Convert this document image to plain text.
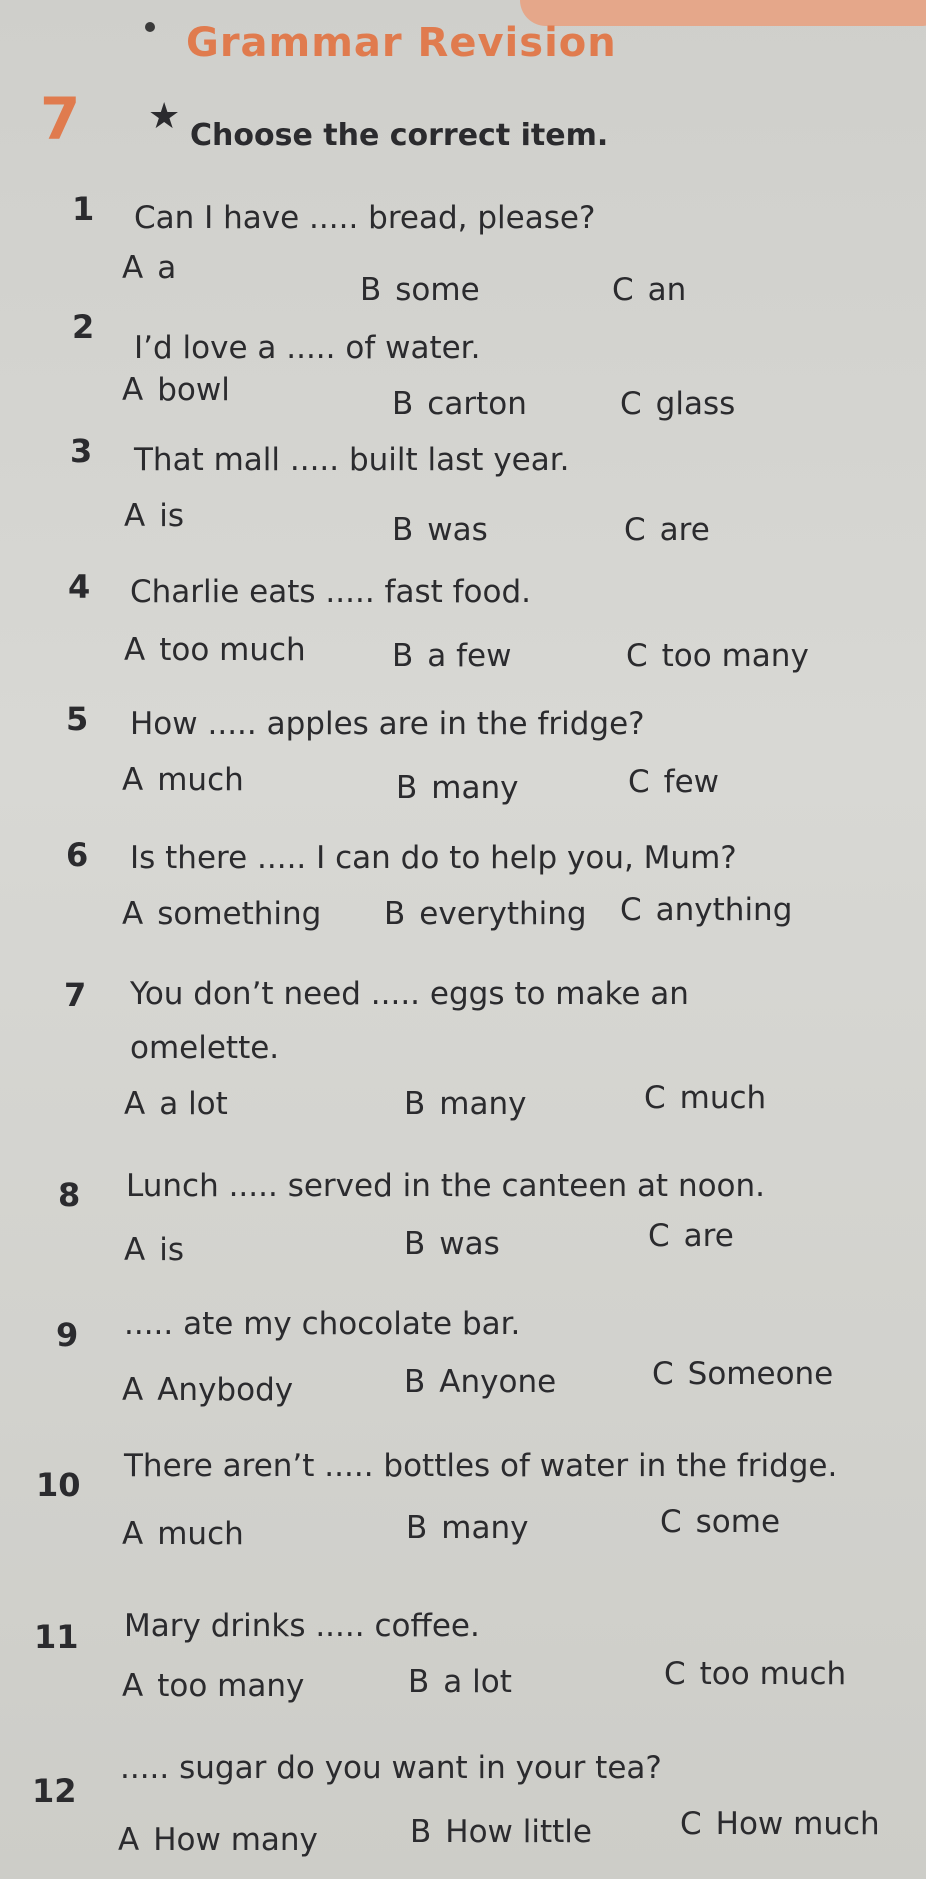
Grammar Revision
7 ★ Choose the correct item.
1 Can I have ..... bread, please?
A a
B some	C an
2
I’d love a ..... of water.
A bowl	B carton	C glass
3 That mall ..... built last year.
A is	B was	C are
4 Charlie eats ..... fast food.
A too much	B a few	C too many
5 How ..... apples are in the fridge?
A much	B many	C few
6 Is there ..... I can do to help you, Mum?
A something B everything C anything
7 You don’t need ..... eggs to make an
omelette.
A a lot	B many	C much
8 Lunch ..... served in the canteen at noon.
A is	B was	C are
9 ..... ate my chocolate bar.
A Anybody	B Anyone	C Someone
10 There aren’t ..... bottles of water in the fridge.
A much	B many	C some
11 Mary drinks ..... coffee.
A too many	B a lot	C too much
12
..... sugar do you want in your tea?
A How many	B How little	C How much
